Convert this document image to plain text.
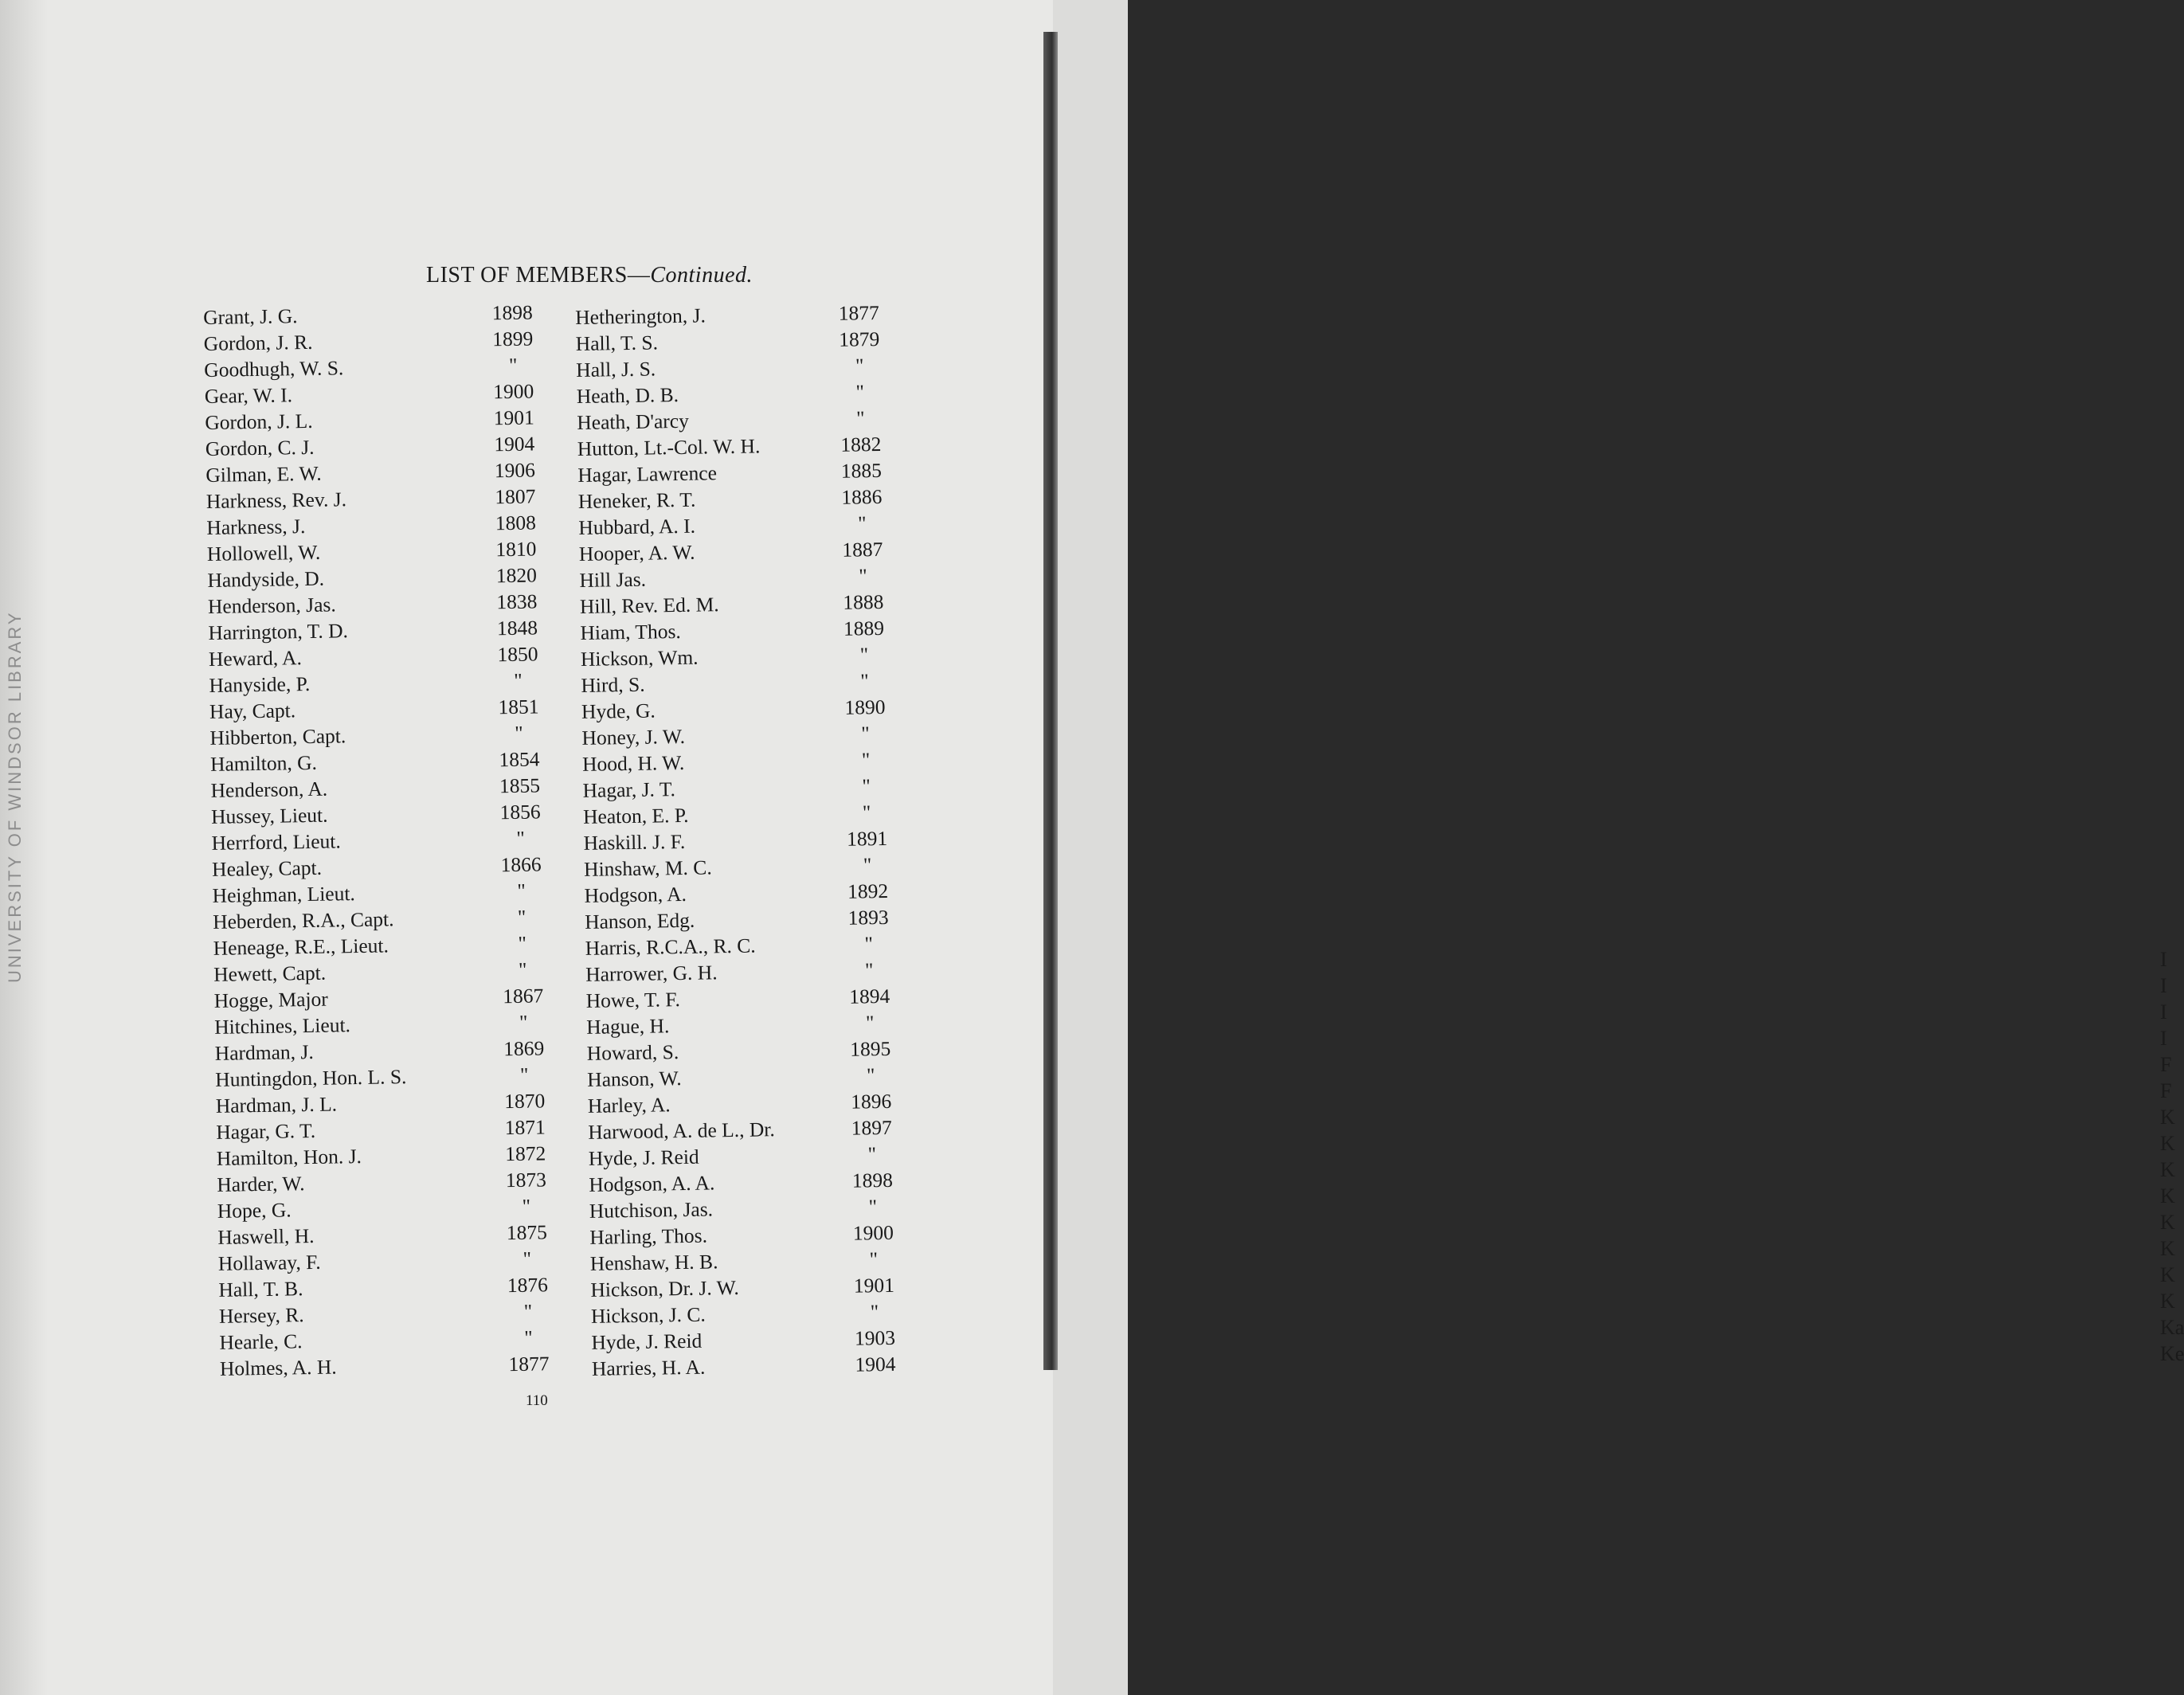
UNIVERSITY OF WINDSOR LIBRARY
LIST OF MEMBERS—Continued.
Grant, J. G.	1898
Gordon, J. R.	1899
Goodhugh, W. S.	"
Gear, W. I.	1900
Gordon, J. L.	1901
Gordon, C. J.	1904
Gilman, E. W.	1906
Harkness, Rev. J.	1807
Harkness, J.	1808
Hollowell, W.	1810
Handyside, D.	1820
Henderson, Jas.	1838
Harrington, T. D.	1848
Heward, A.	1850
Hanyside, P.	"
Hay, Capt.	1851
Hibberton, Capt.	"
Hamilton, G.	1854
Henderson, A.	1855
Hussey, Lieut.	1856
Herrford, Lieut.	"
Healey, Capt.	1866
Heighman, Lieut.	"
Heberden, R.A., Capt.	"
Heneage, R.E., Lieut.	"
Hewett, Capt.	"
Hogge, Major	1867
Hitchines, Lieut.	"
Hardman, J.	1869
Huntingdon, Hon. L. S.	"
Hardman, J. L.	1870
Hagar, G. T.	1871
Hamilton, Hon. J.	1872
Harder, W.	1873
Hope, G.	"
Haswell, H.	1875
Hollaway, F.	"
Hall, T. B.	1876
Hersey, R.	"
Hearle, C.	"
Holmes, A. H.	1877
Hetherington, J.	1877
Hall, T. S.	1879
Hall, J. S.	"
Heath, D. B.	"
Heath, D'arcy	"
Hutton, Lt.-Col. W. H.	1882
Hagar, Lawrence	1885
Heneker, R. T.	1886
Hubbard, A. I.	"
Hooper, A. W.	1887
Hill Jas.	"
Hill, Rev. Ed. M.	1888
Hiam, Thos.	1889
Hickson, Wm.	"
Hird, S.	"
Hyde, G.	1890
Honey, J. W.	"
Hood, H. W.	"
Hagar, J. T.	"
Heaton, E. P.	"
Haskill. J. F.	1891
Hinshaw, M. C.	"
Hodgson, A.	1892
Hanson, Edg.	1893
Harris, R.C.A., R. C.	"
Harrower, G. H.	"
Howe, T. F.	1894
Hague, H.	"
Howard, S.	1895
Hanson, W.	"
Harley, A.	1896
Harwood, A. de L., Dr.	1897
Hyde, J. Reid	"
Hodgson, A. A.	1898
Hutchison, Jas.	"
Harling, Thos.	1900
Henshaw, H. B.	"
Hickson, Dr. J. W.	1901
Hickson, J. C.	"
Hyde, J. Reid	1903
Harries, H. A.	1904
110
I
I
I
I
F
F
K
K
K
K
K
K
K
K
Ka
Ke
